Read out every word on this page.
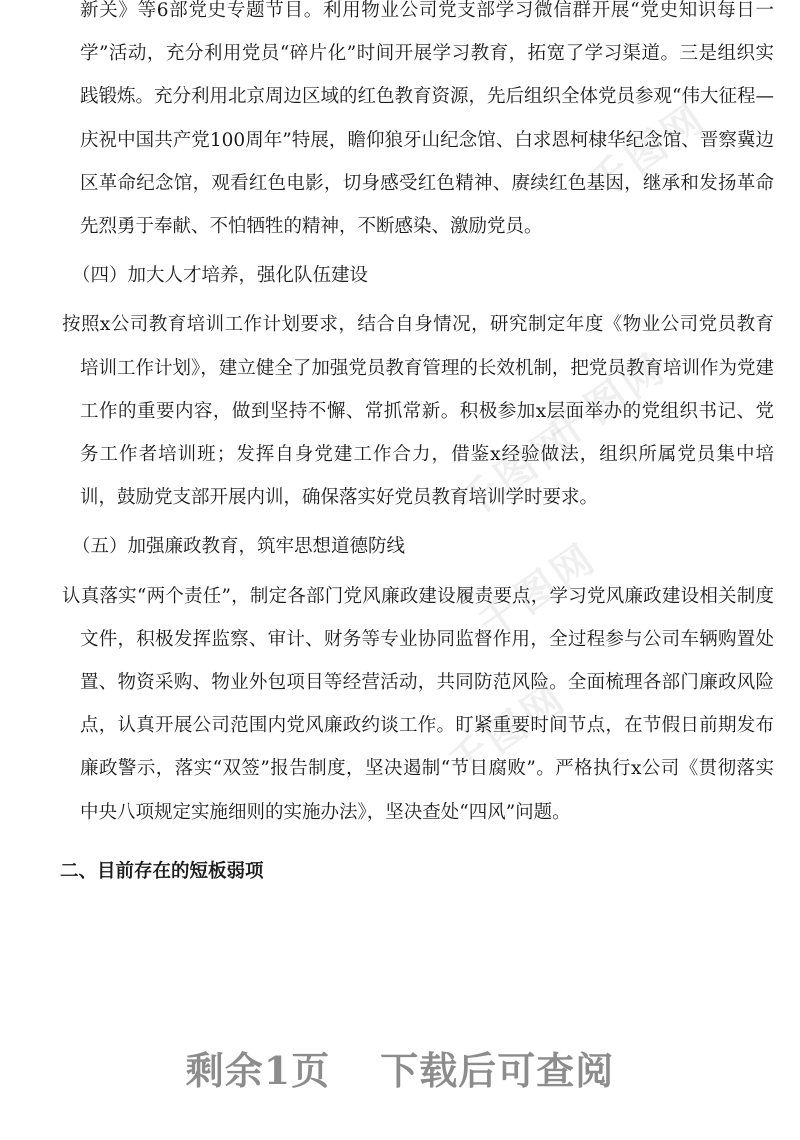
千图网
千图网
千图网
千图网
千图网

新关》等6部党史专题节目。利用物业公司党支部学习微信群开展“党史知识每日一学”活动，充分利用党员“碎片化”时间开展学习教育，拓宽了学习渠道。三是组织实践锻炼。充分利用北京周边区域的红色教育资源，先后组织全体党员参观“伟大征程—庆祝中国共产党100周年”特展，瞻仰狼牙山纪念馆、白求恩柯棣华纪念馆、晋察冀边区革命纪念馆，观看红色电影，切身感受红色精神、赓续红色基因，继承和发扬革命先烈勇于奉献、不怕牺牲的精神，不断感染、激励党员。

（四）加大人才培养，强化队伍建设

按照x公司教育培训工作计划要求，结合自身情况，研究制定年度《物业公司党员教育培训工作计划》，建立健全了加强党员教育管理的长效机制，把党员教育培训作为党建工作的重要内容，做到坚持不懈、常抓常新。积极参加x层面举办的党组织书记、党务工作者培训班；发挥自身党建工作合力，借鉴x经验做法，组织所属党员集中培训，鼓励党支部开展内训，确保落实好党员教育培训学时要求。

（五）加强廉政教育，筑牢思想道德防线

认真落实“两个责任”，制定各部门党风廉政建设履责要点，学习党风廉政建设相关制度文件，积极发挥监察、审计、财务等专业协同监督作用，全过程参与公司车辆购置处置、物资采购、物业外包项目等经营活动，共同防范风险。全面梳理各部门廉政风险点，认真开展公司范围内党风廉政约谈工作。盯紧重要时间节点，在节假日前期发布廉政警示，落实“双签”报告制度，坚决遏制“节日腐败”。严格执行x公司《贯彻落实中央八项规定实施细则的实施办法》，坚决查处“四风”问题。

二、目前存在的短板弱项

剩余1页 下载后可查阅
